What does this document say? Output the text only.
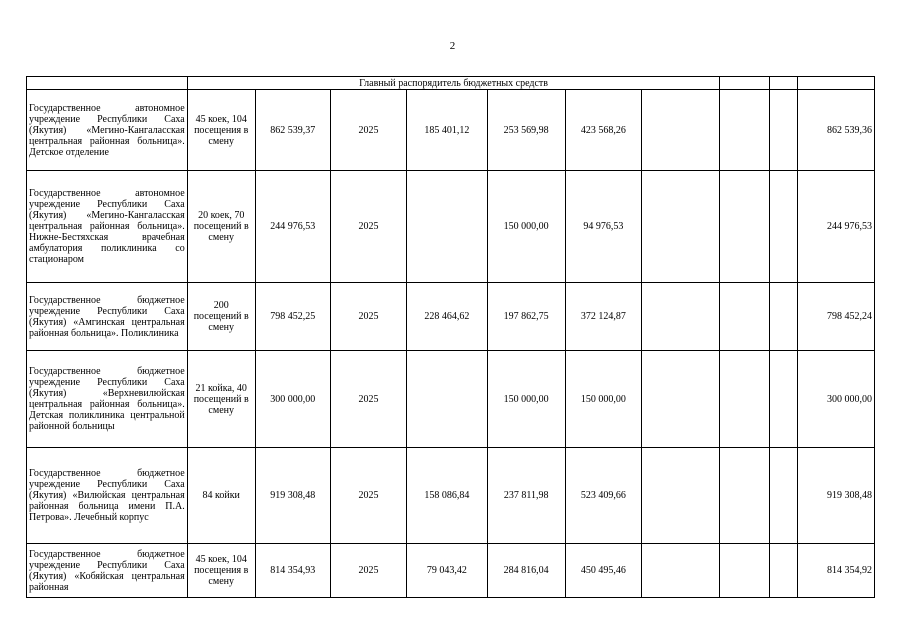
2
	Главный распорядитель бюджетных средств									
Государственное автономное учреждение Республики Саха (Якутия) «Мегино-Кангаласская центральная районная больница». Детское отделение	45 коек, 104 посещения в смену	862 539,37	2025	185 401,12	253 569,98	423 568,26				862 539,36
Государственное автономное учреждение Республики Саха (Якутия) «Мегино-Кангаласская центральная районная больница». Нижне-Бестяхская врачебная амбулатория поликлиника со стационаром	20 коек, 70 посещений в смену	244 976,53	2025		150 000,00	94 976,53				244 976,53
Государственное бюджетное учреждение Республики Саха (Якутия) «Амгинская центральная районная больница». Поликлиника	200 посещений в смену	798 452,25	2025	228 464,62	197 862,75	372 124,87				798 452,24
Государственное бюджетное учреждение Республики Саха (Якутия) «Верхневилюйская центральная районная больница». Детская поликлиника центральной районной больницы	21 койка, 40 посещений в смену	300 000,00	2025		150 000,00	150 000,00				300 000,00
Государственное бюджетное учреждение Республики Саха (Якутия) «Вилюйская центральная районная больница имени П.А. Петрова». Лечебный корпус	84 койки	919 308,48	2025	158 086,84	237 811,98	523 409,66				919 308,48
Государственное бюджетное учреждение Республики Саха (Якутия) «Кобяйская центральная районная	45 коек, 104 посещения в смену	814 354,93	2025	79 043,42	284 816,04	450 495,46				814 354,92
